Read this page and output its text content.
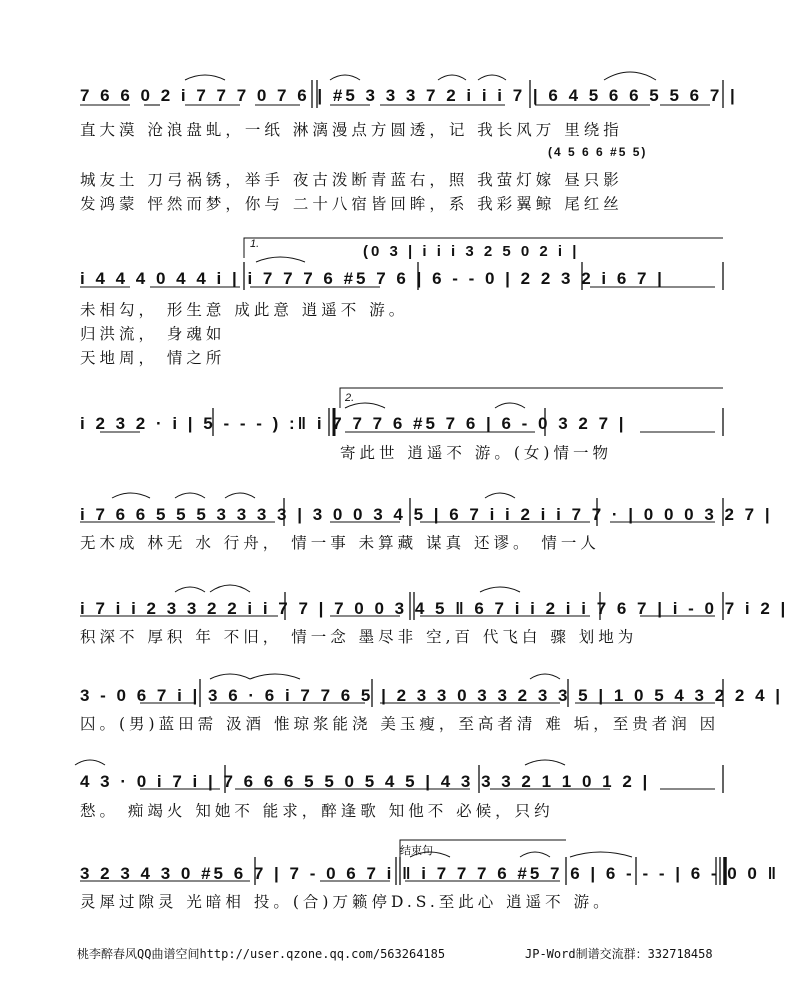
7 6 6 0 2 i 7 7 7 0 7 6 | #5 3 3 3 7 2 i i i 7 | 6 4 5 6 6 5 5 6 7 |
直大漠 沧浪盘虬，一纸 淋漓漫点方圆透，记 我长风万 里绕指
(4 5 6 6 #5 5)
城友土 刀弓祸锈，举手 夜古泼断青蓝右，照 我萤灯嫁 昼只影
发鸿蒙 怦然而梦，你与 二十八宿皆回眸，系 我彩翼鲸 尾红丝
1.	(0 3 | i i i 3 2 5 0 2 i |
i 4 4 4 0 4 4 i | i 7 7 7 6 #5 7 6 | 6 - - 0 | 2 2 3 2 i 6 7 |
未相勾， 形生意 成此意 逍遥不 游。
归洪流， 身魂如
天地周， 情之所
2.
i 2 3 2 · i | 5 - - - ) :‖ i 7 7 7 6 #5 7 6 | 6 - 0 3 2 7 |
寄此世 逍遥不 游。(女)情一物
i 7 6 6 5 5 5 3 3 3 3 | 3 0 0 3 4 5 | 6 7 i i 2 i i 7 7 · | 0 0 0 3 2 7 |
无木成 林无 水 行舟， 情一事 未算藏 谋真 还谬。 情一人
i 7 i i 2 3 3 2 2 i i 7 7 | 7 0 0 3 4 5 ‖ 6 7 i i 2 i i 7 6 7 | i - 0 7 i 2 |
积深不 厚积 年 不旧， 情一念 墨尽非 空,百 代飞白 骤 划地为
3 - 0 6 7 i | 3 6 · 6 i 7 7 6 5 | 2 3 3 0 3 3 2 3 3 5 | 1 0 5 4 3 2 2 4 |
囚。(男)蓝田需 汲酒 惟琼浆能浇 美玉瘦，至高者清 难 垢，至贵者润 因
4 3 · 0 i 7 i | 7 6 6 6 5 5 0 5 4 5 | 4 3 3 3 2 1 1 0 1 2 |
愁。 痴竭火 知她不 能求，醉逢歌 知他不 必候，只约
结束句
3 2 3 4 3 0 #5 6 7 | 7 - 0 6 7 i ‖ i 7 7 7 6 #5 7 6 | 6 - - - | 6 - 0 0 ‖
灵犀过隙灵 光暗相 投。(合)万籁停D.S.至此心 逍遥不 游。
桃李醉春风QQ曲谱空间http://user.qzone.qq.com/563264185	JP-Word制谱交流群：332718458
